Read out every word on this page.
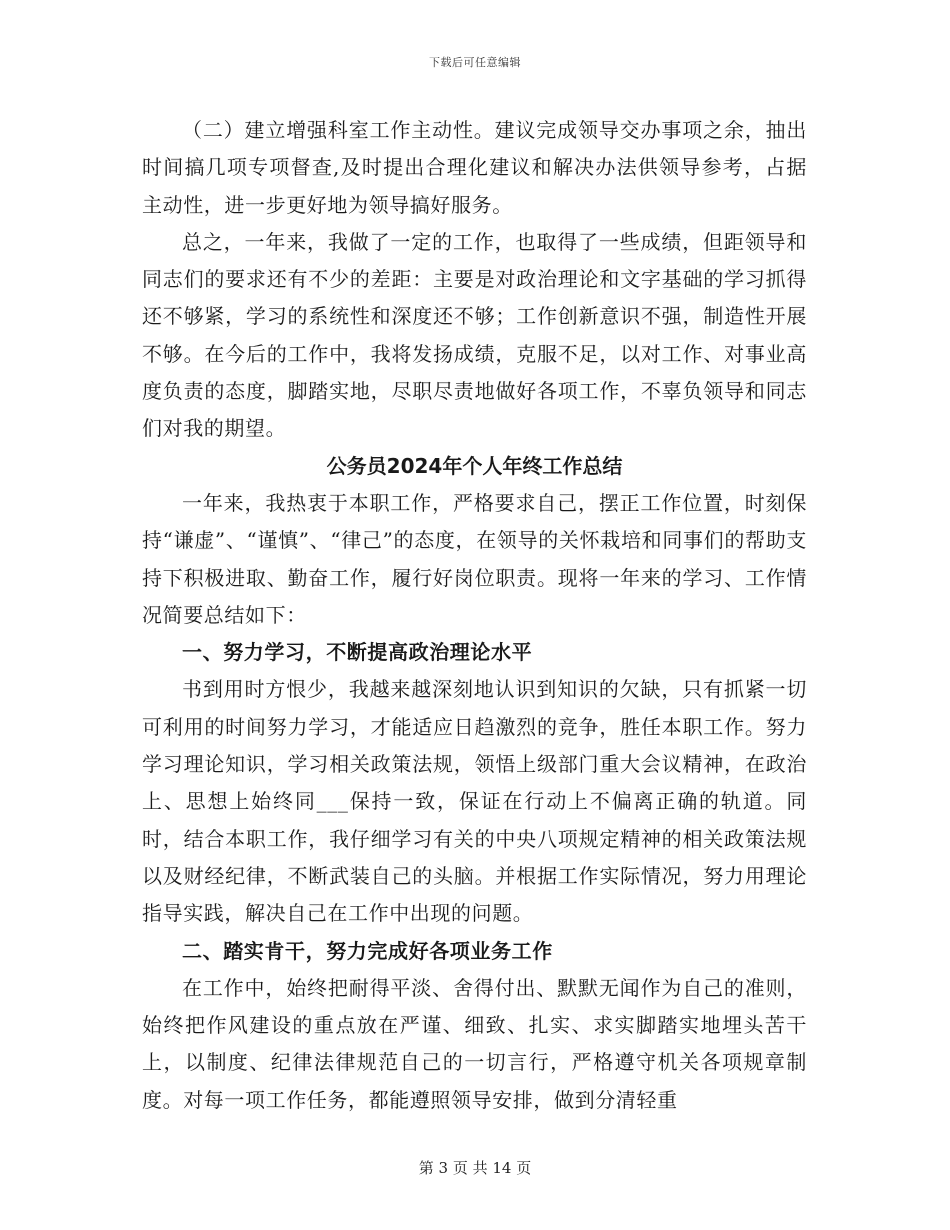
下载后可任意编辑

（二）建立增强科室工作主动性。建议完成领导交办事项之余，抽出时间搞几项专项督查,及时提出合理化建议和解决办法供领导参考，占据主动性，进一步更好地为领导搞好服务。

总之，一年来，我做了一定的工作，也取得了一些成绩，但距领导和同志们的要求还有不少的差距：主要是对政治理论和文字基础的学习抓得还不够紧，学习的系统性和深度还不够；工作创新意识不强，制造性开展不够。在今后的工作中，我将发扬成绩，克服不足，以对工作、对事业高度负责的态度，脚踏实地，尽职尽责地做好各项工作，不辜负领导和同志们对我的期望。

公务员2024年个人年终工作总结

一年来，我热衷于本职工作，严格要求自己，摆正工作位置，时刻保持“谦虚”、“谨慎”、“律己”的态度，在领导的关怀栽培和同事们的帮助支持下积极进取、勤奋工作，履行好岗位职责。现将一年来的学习、工作情况简要总结如下：

一、努力学习，不断提高政治理论水平

书到用时方恨少，我越来越深刻地认识到知识的欠缺，只有抓紧一切可利用的时间努力学习，才能适应日趋激烈的竞争，胜任本职工作。努力学习理论知识，学习相关政策法规，领悟上级部门重大会议精神，在政治上、思想上始终同___保持一致，保证在行动上不偏离正确的轨道。同时，结合本职工作，我仔细学习有关的中央八项规定精神的相关政策法规以及财经纪律，不断武装自己的头脑。并根据工作实际情况，努力用理论指导实践，解决自己在工作中出现的问题。

二、踏实肯干，努力完成好各项业务工作

在工作中，始终把耐得平淡、舍得付出、默默无闻作为自己的准则，始终把作风建设的重点放在严谨、细致、扎实、求实脚踏实地埋头苦干上，以制度、纪律法律规范自己的一切言行，严格遵守机关各项规章制度。对每一项工作任务，都能遵照领导安排，做到分清轻重

第 3 页 共 14 页
